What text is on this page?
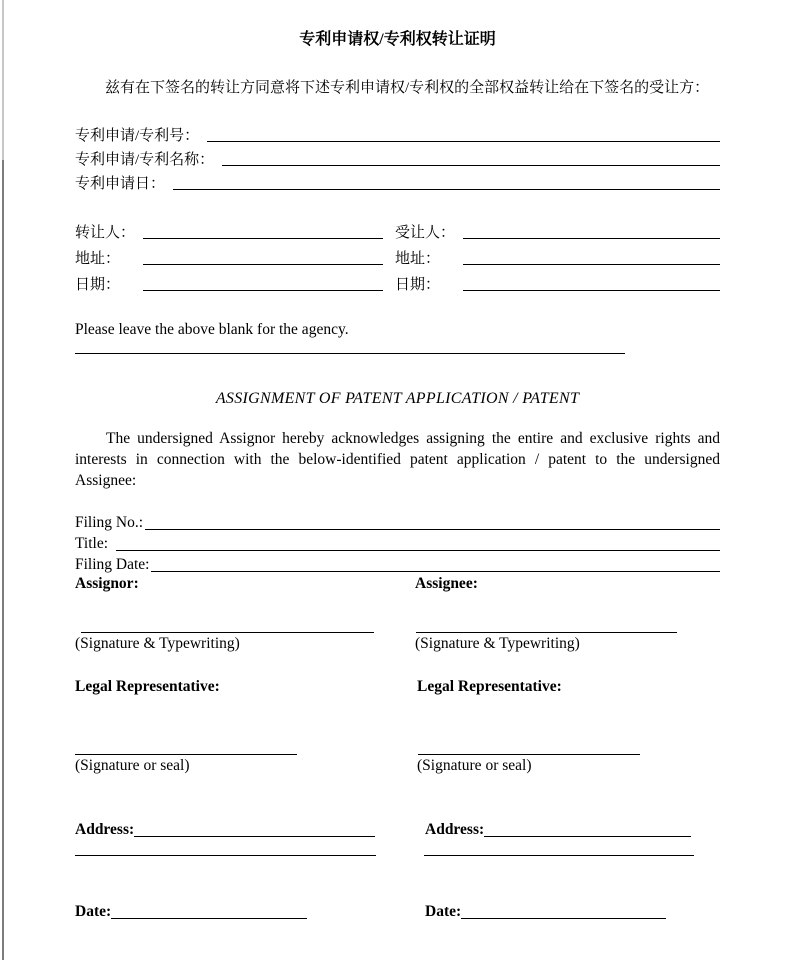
专利申请权/专利权转让证明
兹有在下签名的转让方同意将下述专利申请权/专利权的全部权益转让给在下签名的受让方：
专利申请/专利号：
专利申请/专利名称：
专利申请日：
转让人：	受让人：
地址：	地址：
日期：	日期：
Please leave the above blank for the agency.
ASSIGNMENT OF PATENT APPLICATION / PATENT
The undersigned Assignor hereby acknowledges assigning the entire and exclusive rights and interests in connection with the below-identified patent application / patent to the undersigned Assignee:
Filing No.:
Title:
Filing Date:
Assignor:	Assignee:
(Signature & Typewriting)	(Signature & Typewriting)
Legal Representative:	Legal Representative:
(Signature or seal)	(Signature or seal)
Address:	Address:
Date:	Date:
